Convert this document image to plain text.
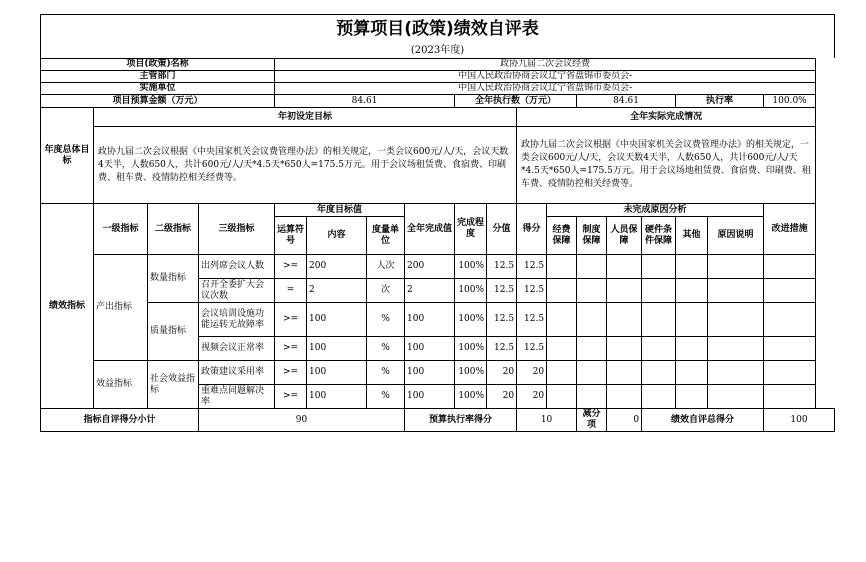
预算项目(政策)绩效自评表
(2023年度)
项目(政策)名称				政协九届二次会议经费													
主管部门				中国人民政治协商会议辽宁省盘锦市委员会-													
实施单位				中国人民政治协商会议辽宁省盘锦市委员会-													
项目预算金额（万元）				84.61				全年执行数（万元）				84.61			执行率		100.0%
年度总体目标	年初设定目标									全年实际完成情况							
	政协九届二次会议根据《中央国家机关会议费管理办法》的相关规定，一类会议600元/人/天，会议天数4天半，人数650人，共计600元/人/天*4.5天*650人=175.5万元。用于会议场租赁费、食宿费、印刷费、租车费、疫情防控相关经费等。									政协九届二次会议根据《中央国家机关会议费管理办法》的相关规定，一类会议600元/人/天，会议天数4天半，人数650人，共计600元/人/天*4.5天*650人=175.5万元。用于会议场地租赁费、食宿费、印刷费、租车费、疫情防控相关经费等。							
绩效指标	一级指标	二级指标	三级指标	年度目标值			全年完成值	完成程度	分值	得分	未完成原因分析						改进措施
				运算符号	内容	度量单位					经费保障	制度保障	人员保障	硬件条件保障	其他	原因说明	

	产出指标	数量指标	出列席会议人数	>=	200	人次	200	100%	12.5	12.5							
			召开全委扩大会议次数	=	2	次	2	100%	12.5	12.5							
		质量指标	会议培训设施功能运转无故障率	>=	100	%	100	100%	12.5	12.5							
			视频会议正常率	>=	100	%	100	100%	12.5	12.5							
	效益指标	社会效益指标	政策建议采用率	>=	100	%	100	100%	20	20							
			重难点问题解决率	>=	100	%	100	100%	20	20							
指标自评得分小计			90				预算执行率得分			10		减分项	0	绩效自评总得分			100
